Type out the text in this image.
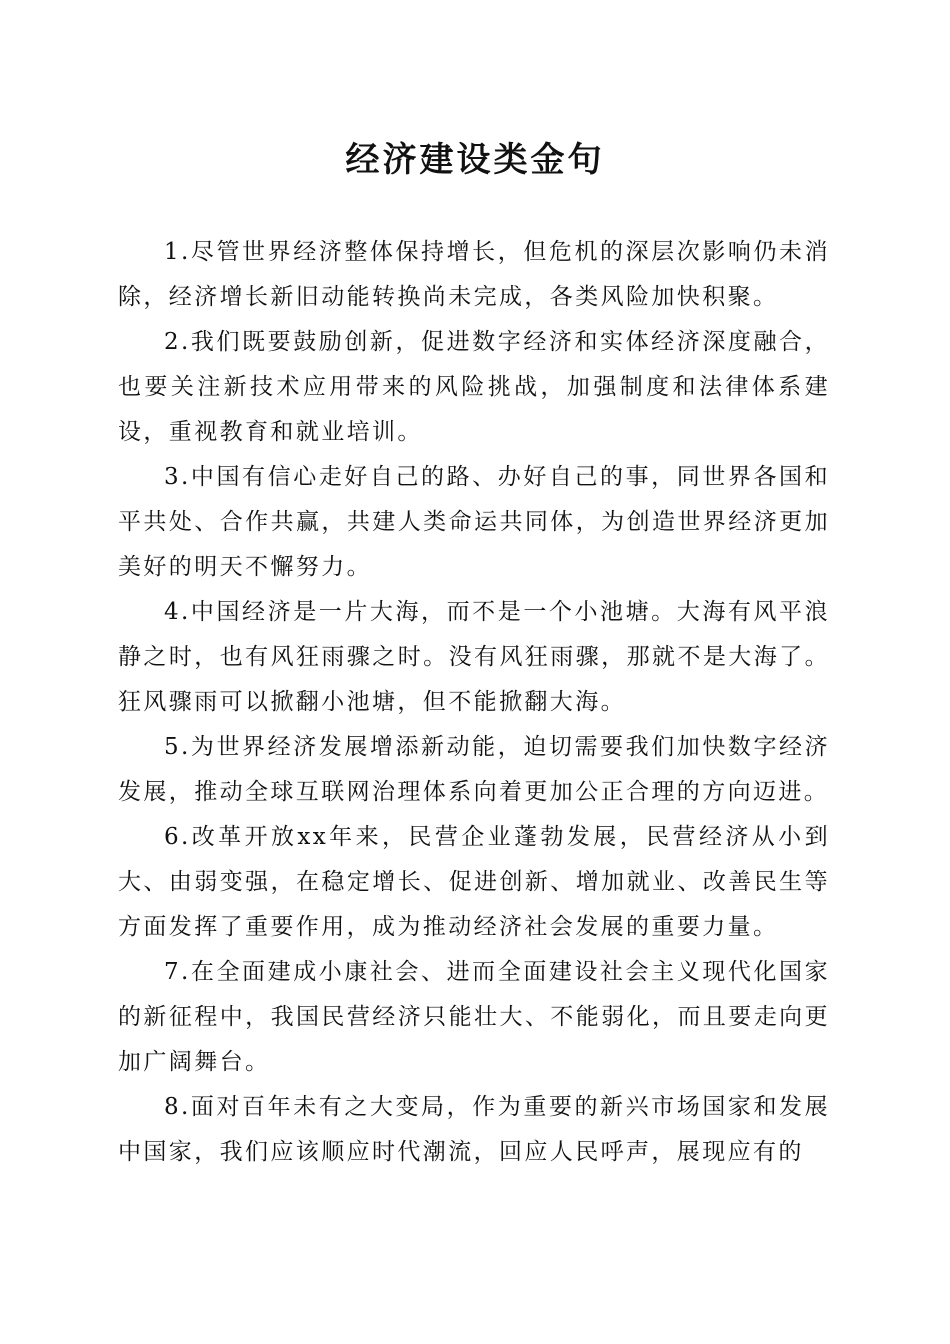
经济建设类金句

1.尽管世界经济整体保持增长，但危机的深层次影响仍未消除，经济增长新旧动能转换尚未完成，各类风险加快积聚。

2.我们既要鼓励创新，促进数字经济和实体经济深度融合，也要关注新技术应用带来的风险挑战，加强制度和法律体系建设，重视教育和就业培训。

3.中国有信心走好自己的路、办好自己的事，同世界各国和平共处、合作共赢，共建人类命运共同体，为创造世界经济更加美好的明天不懈努力。

4.中国经济是一片大海，而不是一个小池塘。大海有风平浪静之时，也有风狂雨骤之时。没有风狂雨骤，那就不是大海了。狂风骤雨可以掀翻小池塘，但不能掀翻大海。

5.为世界经济发展增添新动能，迫切需要我们加快数字经济发展，推动全球互联网治理体系向着更加公正合理的方向迈进。

6.改革开放xx年来，民营企业蓬勃发展，民营经济从小到大、由弱变强，在稳定增长、促进创新、增加就业、改善民生等方面发挥了重要作用，成为推动经济社会发展的重要力量。

7.在全面建成小康社会、进而全面建设社会主义现代化国家的新征程中，我国民营经济只能壮大、不能弱化，而且要走向更加广阔舞台。

8.面对百年未有之大变局，作为重要的新兴市场国家和发展中国家，我们应该顺应时代潮流，回应人民呼声，展现应有的
